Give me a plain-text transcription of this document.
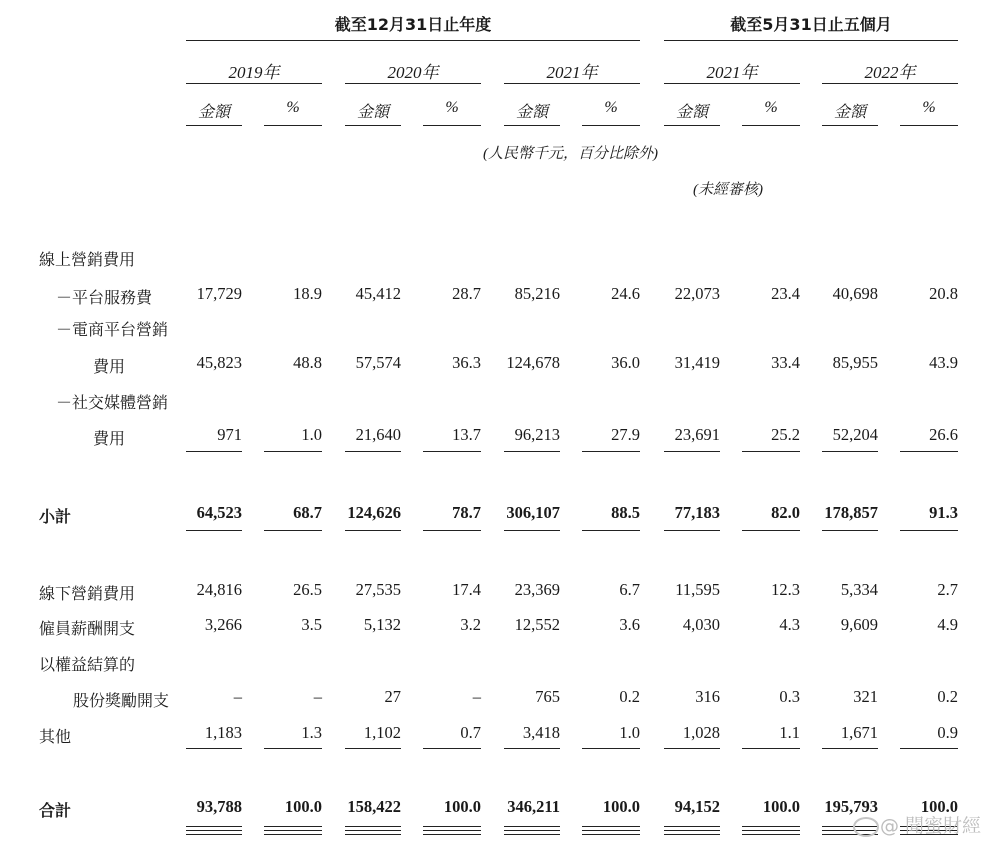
截至12月31日止年度	截至5月31日止五個月
2019年	2020年	2021年	2021年	2022年
金額	%	金額	%	金額	%	金額	%	金額	%
(人民幣千元，百分比除外)
(未經審核)
線上營銷費用
－平台服務費	17,729	18.9	45,412	28.7	85,216	24.6	22,073	23.4	40,698	20.8
－電商平台營銷
費用	45,823	48.8	57,574	36.3 124,678	36.0	31,419	33.4	85,955	43.9
－社交媒體營銷
費用	971	1.0	21,640	13.7	96,213	27.9	23,691	25.2	52,204	26.6
小計	64,523	68.7 124,626	78.7 306,107	88.5	77,183	82.0 178,857	91.3
線下營銷費用	24,816	26.5	27,535	17.4	23,369	6.7	11,595	12.3	5,334	2.7
僱員薪酬開支	3,266	3.5	5,132	3.2	12,552	3.6	4,030	4.3	9,609	4.9
以權益結算的
股份獎勵開支	–	–	27	–	765	0.2	316	0.3	321	0.2
其他	1,183	1.3	1,102	0.7	3,418	1.0	1,028	1.1	1,671	0.9
合計	93,788	100.0 158,422	100.0 346,211	100.0	94,152	100.0 195,793	100.0
@ 聞蜜財經
